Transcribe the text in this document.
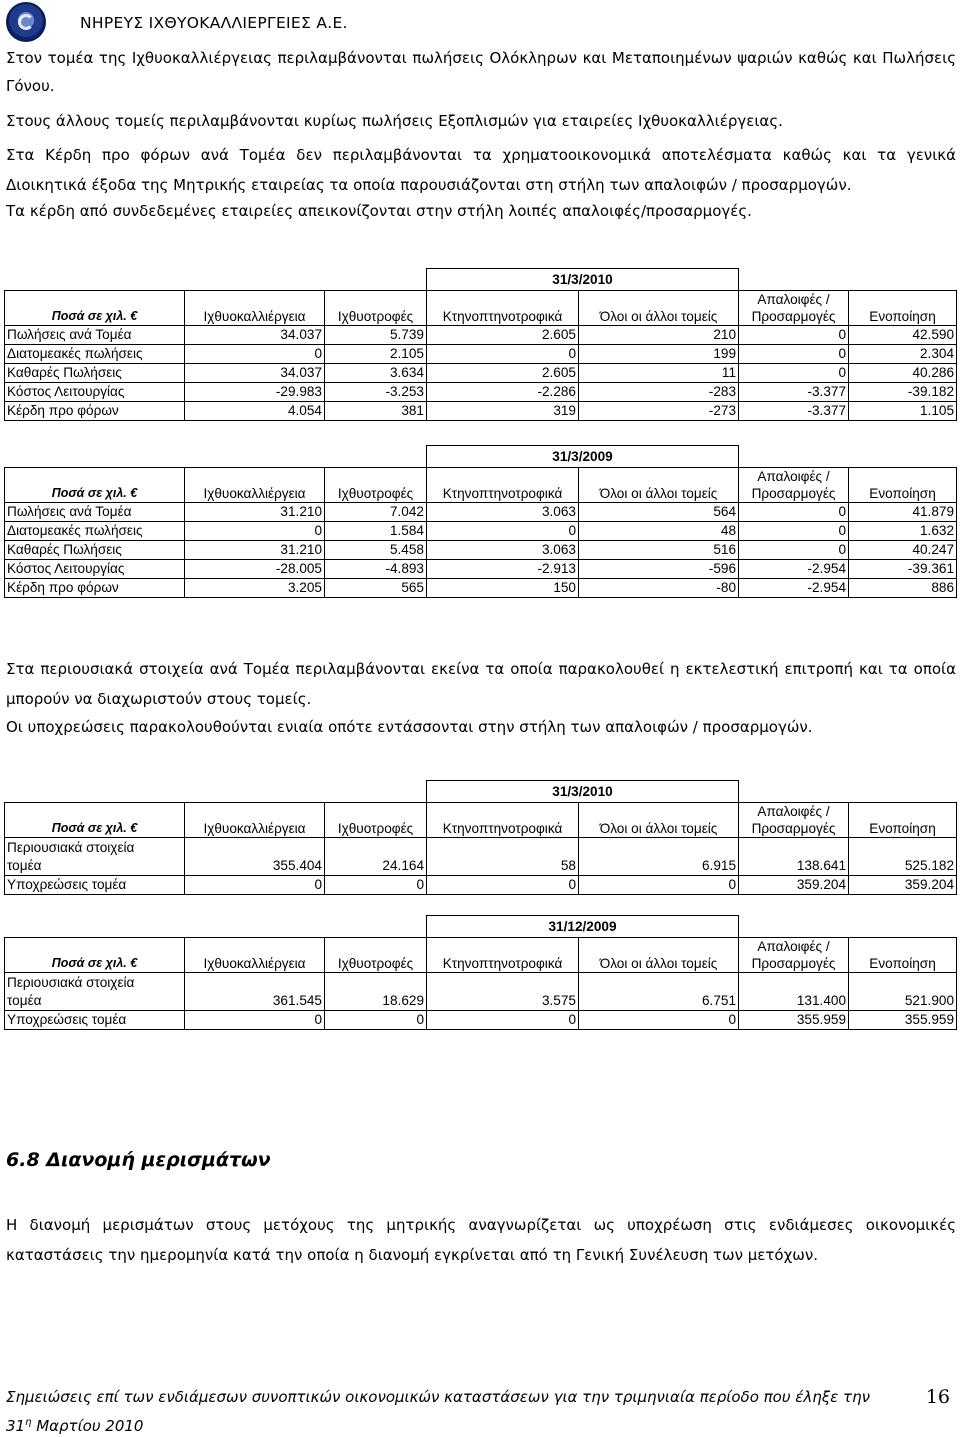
ΝΗΡΕΥΣ ΙΧΘΥΟΚΑΛΛΙΕΡΓΕΙΕΣ Α.Ε.
Στον τομέα της Ιχθυοκαλλιέργειας περιλαμβάνονται πωλήσεις Ολόκληρων και Μεταποιημένων ψαριών καθώς και Πωλήσεις Γόνου.
Στους άλλους τομείς περιλαμβάνονται κυρίως πωλήσεις Εξοπλισμών για εταιρείες Ιχθυοκαλλιέργειας.
Στα Κέρδη προ φόρων ανά Τομέα δεν περιλαμβάνονται τα χρηματοοικονομικά αποτελέσματα καθώς και τα γενικά Διοικητικά έξοδα της Μητρικής εταιρείας τα οποία παρουσιάζονται στη στήλη των απαλοιφών / προσαρμογών.
Τα κέρδη από συνδεδεμένες εταιρείες απεικονίζονται στην στήλη λοιπές απαλοιφές/προσαρμογές.
			31/3/2010			
Ποσά σε χιλ. €	Ιχθυοκαλλιέργεια	Ιχθυοτροφές	Κτηνοπτηνοτροφικά	Όλοι οι άλλοι τομείς	Απαλοιφές /
Προσαρμογές	Ενοποίηση
Πωλήσεις ανά Τομέα	34.037	5.739	2.605	210	0	42.590
Διατομεακές πωλήσεις	0	2.105	0	199	0	2.304
Καθαρές Πωλήσεις	34.037	3.634	2.605	11	0	40.286
Κόστος Λειτουργίας	-29.983	-3.253	-2.286	-283	-3.377	-39.182
Κέρδη προ φόρων	4.054	381	319	-273	-3.377	1.105
			31/3/2009			
Ποσά σε χιλ. €	Ιχθυοκαλλιέργεια	Ιχθυοτροφές	Κτηνοπτηνοτροφικά	Όλοι οι άλλοι τομείς	Απαλοιφές /
Προσαρμογές	Ενοποίηση
Πωλήσεις ανά Τομέα	31.210	7.042	3.063	564	0	41.879
Διατομεακές πωλήσεις	0	1.584	0	48	0	1.632
Καθαρές Πωλήσεις	31.210	5.458	3.063	516	0	40.247
Κόστος Λειτουργίας	-28.005	-4.893	-2.913	-596	-2.954	-39.361
Κέρδη προ φόρων	3.205	565	150	-80	-2.954	886
Στα περιουσιακά στοιχεία ανά Τομέα περιλαμβάνονται εκείνα τα οποία παρακολουθεί η εκτελεστική επιτροπή και τα οποία μπορούν να διαχωριστούν στους τομείς.
Οι υποχρεώσεις παρακολουθούνται ενιαία οπότε εντάσσονται στην στήλη των απαλοιφών / προσαρμογών.
			31/3/2010			
Ποσά σε χιλ. €	Ιχθυοκαλλιέργεια	Ιχθυοτροφές	Κτηνοπτηνοτροφικά	Όλοι οι άλλοι τομείς	Απαλοιφές /
Προσαρμογές	Ενοποίηση

Περιουσιακά στοιχεία
τομέα	355.404	24.164	58	6.915	138.641	525.182
Υποχρεώσεις τομέα	0	0	0	0	359.204	359.204
			31/12/2009			
Ποσά σε χιλ. €	Ιχθυοκαλλιέργεια	Ιχθυοτροφές	Κτηνοπτηνοτροφικά	Όλοι οι άλλοι τομείς	Απαλοιφές /
Προσαρμογές	Ενοποίηση

Περιουσιακά στοιχεία
τομέα	361.545	18.629	3.575	6.751	131.400	521.900
Υποχρεώσεις τομέα	0	0	0	0	355.959	355.959
6.8 Διανομή μερισμάτων
Η διανομή μερισμάτων στους μετόχους της μητρικής αναγνωρίζεται ως υποχρέωση στις ενδιάμεσες οικονομικές καταστάσεις την ημερομηνία κατά την οποία η διανομή εγκρίνεται από τη Γενική Συνέλευση των μετόχων.
Σημειώσεις επί των ενδιάμεσων συνοπτικών οικονομικών καταστάσεων για την τριμηνιαία περίοδο που έληξε την
$31^\eta$ Μαρτίου 2010
16
